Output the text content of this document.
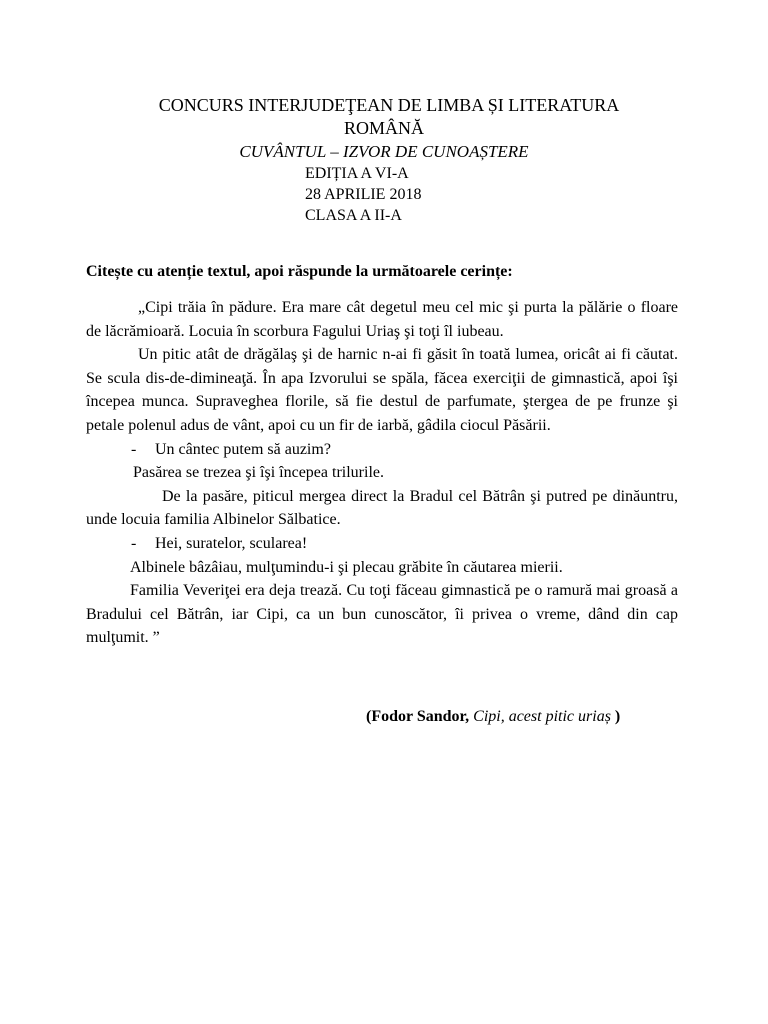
CONCURS INTERJUDEŢEAN DE LIMBA ȘI LITERATURA
ROMÂNĂ
CUVÂNTUL – IZVOR DE CUNOAȘTERE
EDIȚIA A VI-A
28 APRILIE 2018
CLASA A II-A
Citește cu atenție textul, apoi răspunde la următoarele cerințe:

„Cipi trăia în pădure. Era mare cât degetul meu cel mic şi purta la pălărie o floare de lăcrămioară. Locuia în scorbura Fagului Uriaş şi toţi îl iubeau.

Un pitic atât de drăgălaş şi de harnic n-ai fi găsit în toată lumea, oricât ai fi căutat. Se scula dis-de-dimineaţă. În apa Izvorului se spăla, făcea exerciţii de gimnastică, apoi îşi începea munca. Supraveghea florile, să fie destul de parfumate, ştergea de pe frunze şi petale polenul adus de vânt, apoi cu un fir de iarbă, gâdila ciocul Păsării.

- Un cântec putem să auzim?

Pasărea se trezea şi îşi începea trilurile.

De la pasăre, piticul mergea direct la Bradul cel Bătrân şi putred pe dinăuntru, unde locuia familia Albinelor Sălbatice.

- Hei, suratelor, scularea!

Albinele bâzâiau, mulţumindu-i şi plecau grăbite în căutarea mierii.

Familia Veveriţei era deja trează. Cu toţi făceau gimnastică pe o ramură mai groasă a Bradului cel Bătrân, iar Cipi, ca un bun cunoscător, îi privea o vreme, dând din cap mulţumit. ”

(Fodor Sandor, Cipi, acest pitic uriaș )
